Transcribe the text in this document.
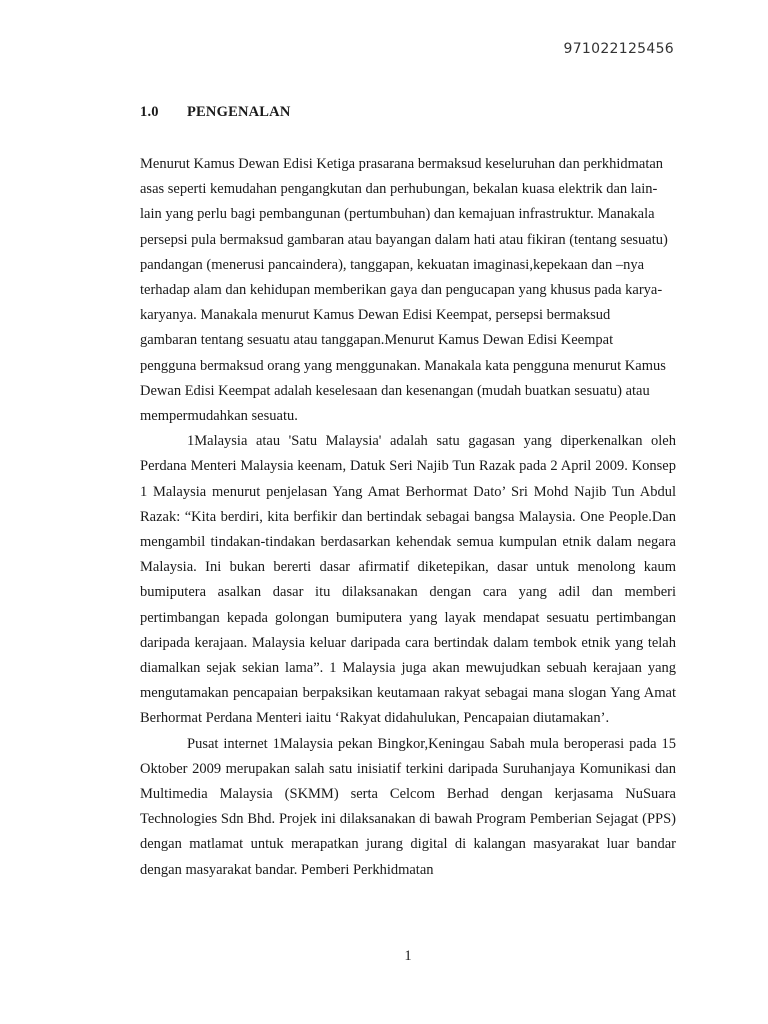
971022125456
1.0 PENGENALAN

Menurut Kamus Dewan Edisi Ketiga prasarana bermaksud keseluruhan dan perkhidmatan asas seperti kemudahan pengangkutan dan perhubungan, bekalan kuasa elektrik dan lain-lain yang perlu bagi pembangunan (pertumbuhan) dan kemajuan infrastruktur. Manakala persepsi pula bermaksud gambaran atau bayangan dalam hati atau fikiran (tentang sesuatu) pandangan (menerusi pancaindera), tanggapan, kekuatan imaginasi,kepekaan dan –nya terhadap alam dan kehidupan memberikan gaya dan pengucapan yang khusus pada karya-karyanya. Manakala menurut Kamus Dewan Edisi Keempat, persepsi bermaksud gambaran tentang sesuatu atau tanggapan.Menurut Kamus Dewan Edisi Keempat pengguna bermaksud orang yang menggunakan. Manakala kata pengguna menurut Kamus Dewan Edisi Keempat adalah keselesaan dan kesenangan (mudah buatkan sesuatu) atau mempermudahkan sesuatu.

1Malaysia atau 'Satu Malaysia' adalah satu gagasan yang diperkenalkan oleh Perdana Menteri Malaysia keenam, Datuk Seri Najib Tun Razak pada 2 April 2009. Konsep 1 Malaysia menurut penjelasan Yang Amat Berhormat Dato’ Sri Mohd Najib Tun Abdul Razak: “Kita berdiri, kita berfikir dan bertindak sebagai bangsa Malaysia. One People.Dan mengambil tindakan-tindakan berdasarkan kehendak semua kumpulan etnik dalam negara Malaysia. Ini bukan bererti dasar afirmatif diketepikan, dasar untuk menolong kaum bumiputera asalkan dasar itu dilaksanakan dengan cara yang adil dan memberi pertimbangan kepada golongan bumiputera yang layak mendapat sesuatu pertimbangan daripada kerajaan. Malaysia keluar daripada cara bertindak dalam tembok etnik yang telah diamalkan sejak sekian lama”. 1 Malaysia juga akan mewujudkan sebuah kerajaan yang mengutamakan pencapaian berpaksikan keutamaan rakyat sebagai mana slogan Yang Amat Berhormat Perdana Menteri iaitu ‘Rakyat didahulukan, Pencapaian diutamakan’.

Pusat internet 1Malaysia pekan Bingkor,Keningau Sabah mula beroperasi pada 15 Oktober 2009 merupakan salah satu inisiatif terkini daripada Suruhanjaya Komunikasi dan Multimedia Malaysia (SKMM) serta Celcom Berhad dengan kerjasama NuSuara Technologies Sdn Bhd. Projek ini dilaksanakan di bawah Program Pemberian Sejagat (PPS) dengan matlamat untuk merapatkan jurang digital di kalangan masyarakat luar bandar dengan masyarakat bandar. Pemberi Perkhidmatan

1
